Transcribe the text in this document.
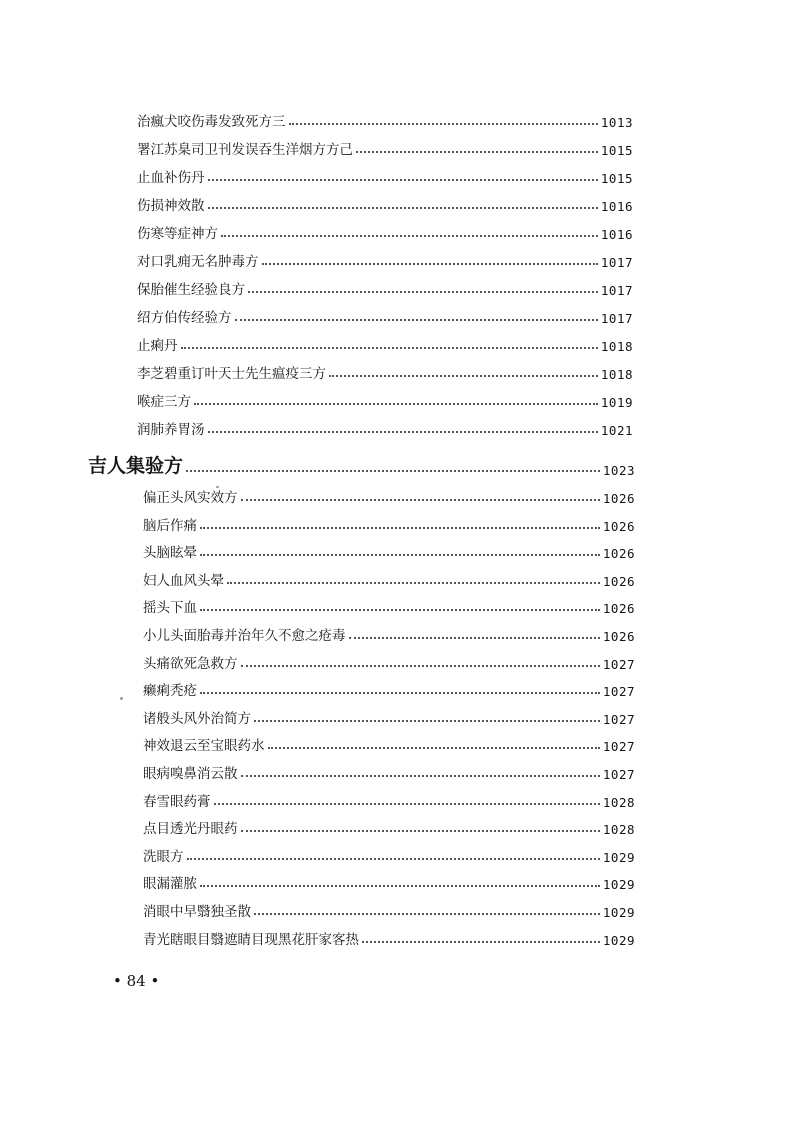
治瘋犬咬伤毒发致死方三	1013
署江苏臬司卫刊发误吞生洋烟方方己	1015
止血补伤丹	1015
伤损神效散	1016
伤寒等症神方	1016
对口乳痈无名肿毒方	1017
保胎催生经验良方	1017
绍方伯传经验方	1017
止痢丹	1018
李芝碧重订叶天士先生瘟疫三方	1018
喉症三方	1019
润肺养胃汤	1021
吉人集验方	1023
偏正头风实效方	1026
脑后作痛	1026
头脑眩晕	1026
妇人血风头晕	1026
摇头下血	1026
小儿头面胎毒并治年久不愈之疮毒	1026
头痛欲死急救方	1027
癞痢秃疮	1027
诸般头风外治简方	1027
神效退云至宝眼药水	1027
眼病嗅鼻消云散	1027
春雪眼药膏	1028
点目透光丹眼药	1028
洗眼方	1029
眼漏灌脓	1029
消眼中早翳独圣散	1029
青光瞎眼目翳遮睛目现黑花肝家客热	1029
• 84 •
